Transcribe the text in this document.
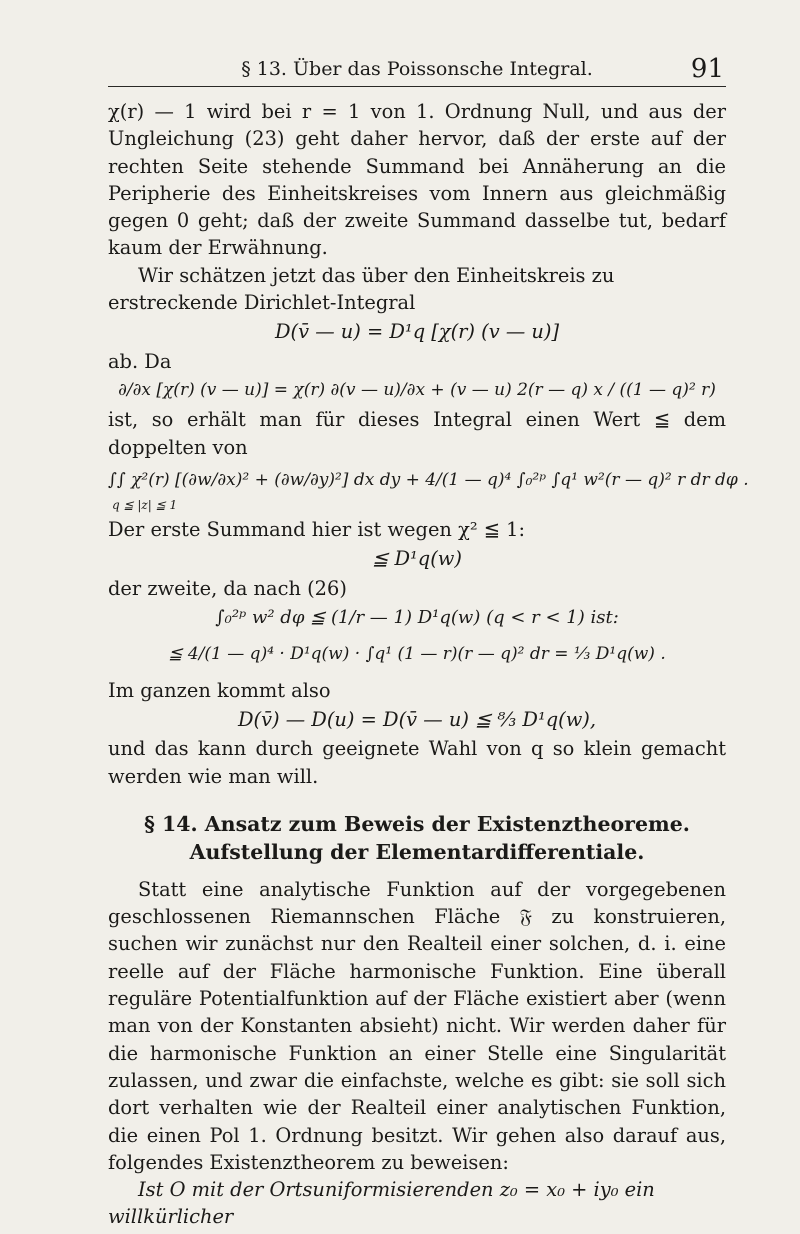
§ 13. Über das Poissonsche Integral.	91

χ(r) — 1 wird bei r = 1 von 1. Ordnung Null, und aus der Ungleichung (23) geht daher hervor, daß der erste auf der rechten Seite stehende Summand bei Annäherung an die Peripherie des Einheitskreises vom Innern aus gleichmäßig gegen 0 geht; daß der zweite Summand dasselbe tut, bedarf kaum der Erwähnung.

Wir schätzen jetzt das über den Einheitskreis zu erstreckende Dirichlet-Integral

D(v̄ — u) = D¹q [χ(r) (v — u)]

ab. Da

∂/∂x [χ(r) (v — u)] = χ(r) ∂(v — u)/∂x + (v — u) 2(r — q) x / ((1 — q)² r)

ist, so erhält man für dieses Integral einen Wert ≦ dem doppelten von

∫∫ χ²(r) [(∂w/∂x)² + (∂w/∂y)²] dx dy + 4/(1 — q)⁴ ∫₀²ᵖ ∫q¹ w²(r — q)² r dr dφ .
q ≦ |z| ≦ 1

Der erste Summand hier ist wegen χ² ≦ 1:

≦ D¹q(w)

der zweite, da nach (26)

∫₀²ᵖ w² dφ ≦ (1/r — 1) D¹q(w) (q < r < 1) ist:
≦ 4/(1 — q)⁴ · D¹q(w) · ∫q¹ (1 — r)(r — q)² dr = ⅓ D¹q(w) .

Im ganzen kommt also

D(v̄) — D(u) = D(v̄ — u) ≦ ⁸⁄₃ D¹q(w),

und das kann durch geeignete Wahl von q so klein gemacht werden wie man will.

§ 14. Ansatz zum Beweis der Existenztheoreme. Aufstellung der Elementardifferentiale.

Statt eine analytische Funktion auf der vorgegebenen geschlossenen Riemannschen Fläche 𝔉 zu konstruieren, suchen wir zunächst nur den Realteil einer solchen, d. i. eine reelle auf der Fläche harmonische Funktion. Eine überall reguläre Potentialfunktion auf der Fläche existiert aber (wenn man von der Konstanten absieht) nicht. Wir werden daher für die harmonische Funktion an einer Stelle eine Singularität zulassen, und zwar die einfachste, welche es gibt: sie soll sich dort verhalten wie der Realteil einer analytischen Funktion, die einen Pol 1. Ordnung besitzt. Wir gehen also darauf aus, folgendes Existenztheorem zu beweisen:

Ist O mit der Ortsuniformisierenden z₀ = x₀ + iy₀ ein willkürlicher
